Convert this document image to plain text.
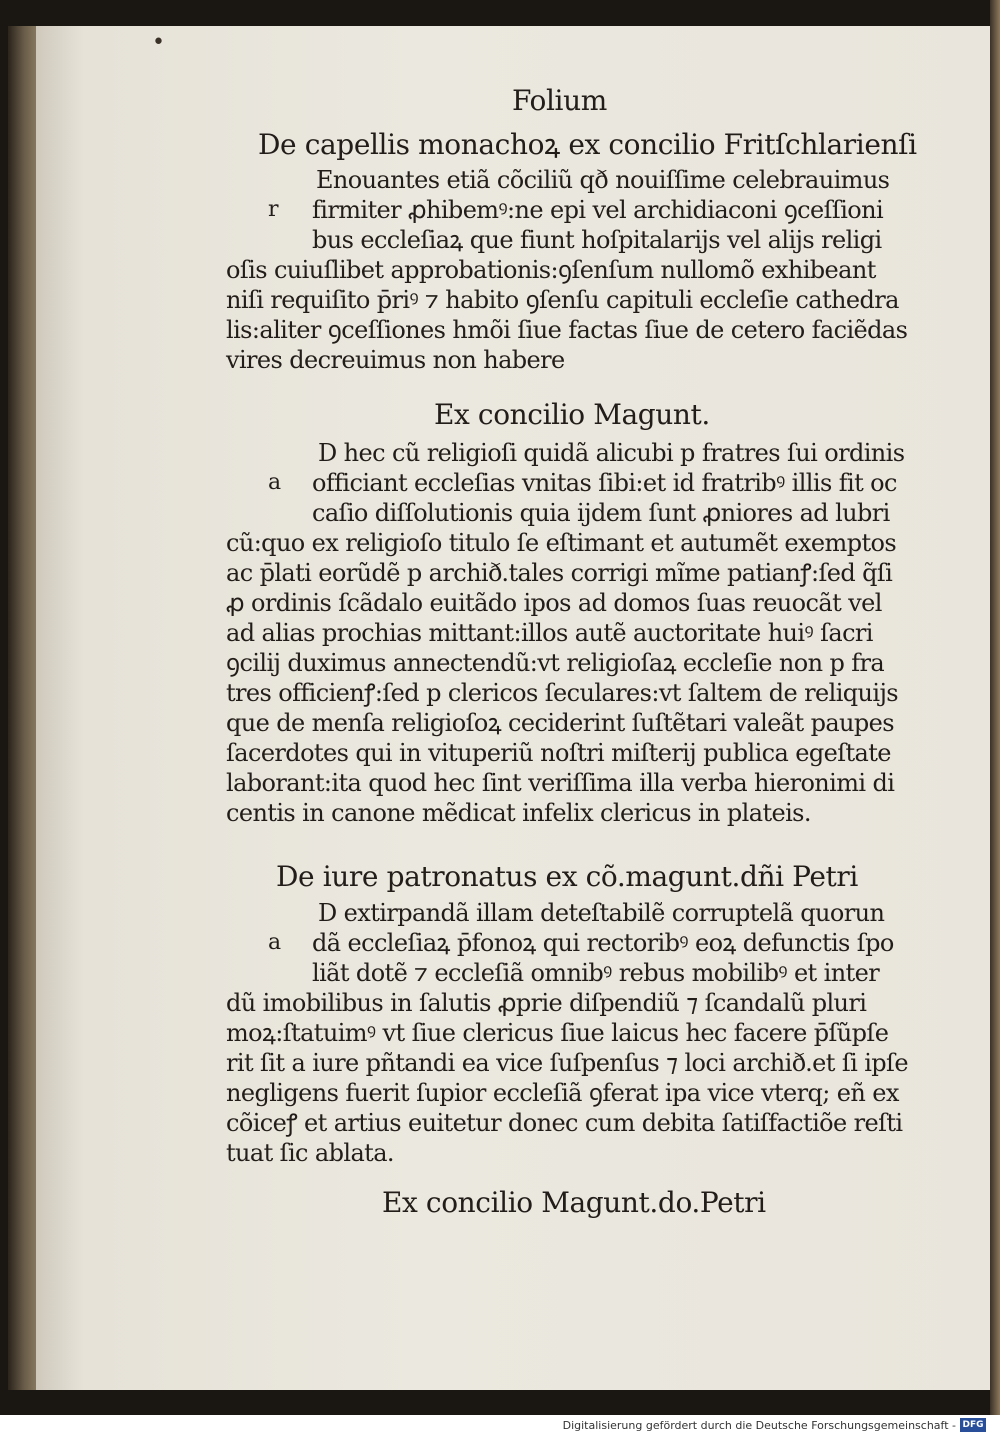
•
Folium
De capellis monachoꝝ ex concilio Fritſchlarienſi
Enouantes etiã cõciliũ qð nouiſſime celebrauimus
r firmiter ꝓhibemꝰ:ne epi vel archidiaconi ꝯceſſioni
bus eccleſiaꝝ que fiunt hoſpitalarijs vel alijs religi
oſis cuiuſlibet approbationis:ꝯſenſum nullomõ exhibeant
niſi requiſito p̄riꝰ ⁊ habito ꝯſenſu capituli eccleſie cathedra
lis:aliter ꝯceſſiones hmõi ſiue factas ſiue de cetero faciẽdas
vires decreuimus non habere
Ex concilio Magunt.
D hec cũ religioſi quidã alicubi p fratres ſui ordinis
a officiant eccleſias vnitas ſibi:et id fratribꝰ illis fit oc
caſio diſſolutionis quia ijdem ſunt ꝓniores ad lubri
cũ:quo ex religioſo titulo ſe eſtimant et autumẽt exemptos
ac p̄lati eorũdẽ p archið.tales corrigi mĩme patianꝭ:ſed q̃ſi
ꝓ ordinis ſcãdalo euitãdo ipos ad domos ſuas reuocãt vel
ad alias prochias mittant:illos autẽ auctoritate huiꝰ ſacri
ꝯcilij duximus annectendũ:vt religioſaꝝ eccleſie non p fra
tres officienꝭ:ſed p clericos ſeculares:vt ſaltem de reliquijs
que de menſa religioſoꝝ ceciderint ſuſtẽtari valeãt paupes
ſacerdotes qui in vituperiũ noſtri miſterij publica egeſtate
laborant:ita quod hec ſint veriſſima illa verba hieronimi di
centis in canone mẽdicat infelix clericus in plateis.
De iure patronatus ex cõ.magunt.dñi Petri
D extirpandã illam deteſtabilẽ corruptelã quorun
a dã eccleſiaꝝ p̄fonoꝝ qui rectoribꝰ eoꝝ defunctis ſpo
liãt dotẽ ⁊ eccleſiã omnibꝰ rebus mobilibꝰ et inter
dũ imobilibus in ſalutis ꝓprie diſpendiũ ⁊ ſcandalũ pluri
moꝝ:ſtatuimꝰ vt ſiue clericus ſiue laicus hec facere p̄ſũpſe
rit ſit a iure pñtandi ea vice ſuſpenſus ⁊ loci archið.et ſi ipſe
negligens fuerit ſupior eccleſiã ꝯferat ipa vice vterq; eñ ex
cõiceꝭ et artius euitetur donec cum debita ſatiſfactiõe reſti
tuat ſic ablata.
Ex concilio Magunt.do.Petri
Digitalisierung gefördert durch die Deutsche Forschungsgemeinschaft - DFG
